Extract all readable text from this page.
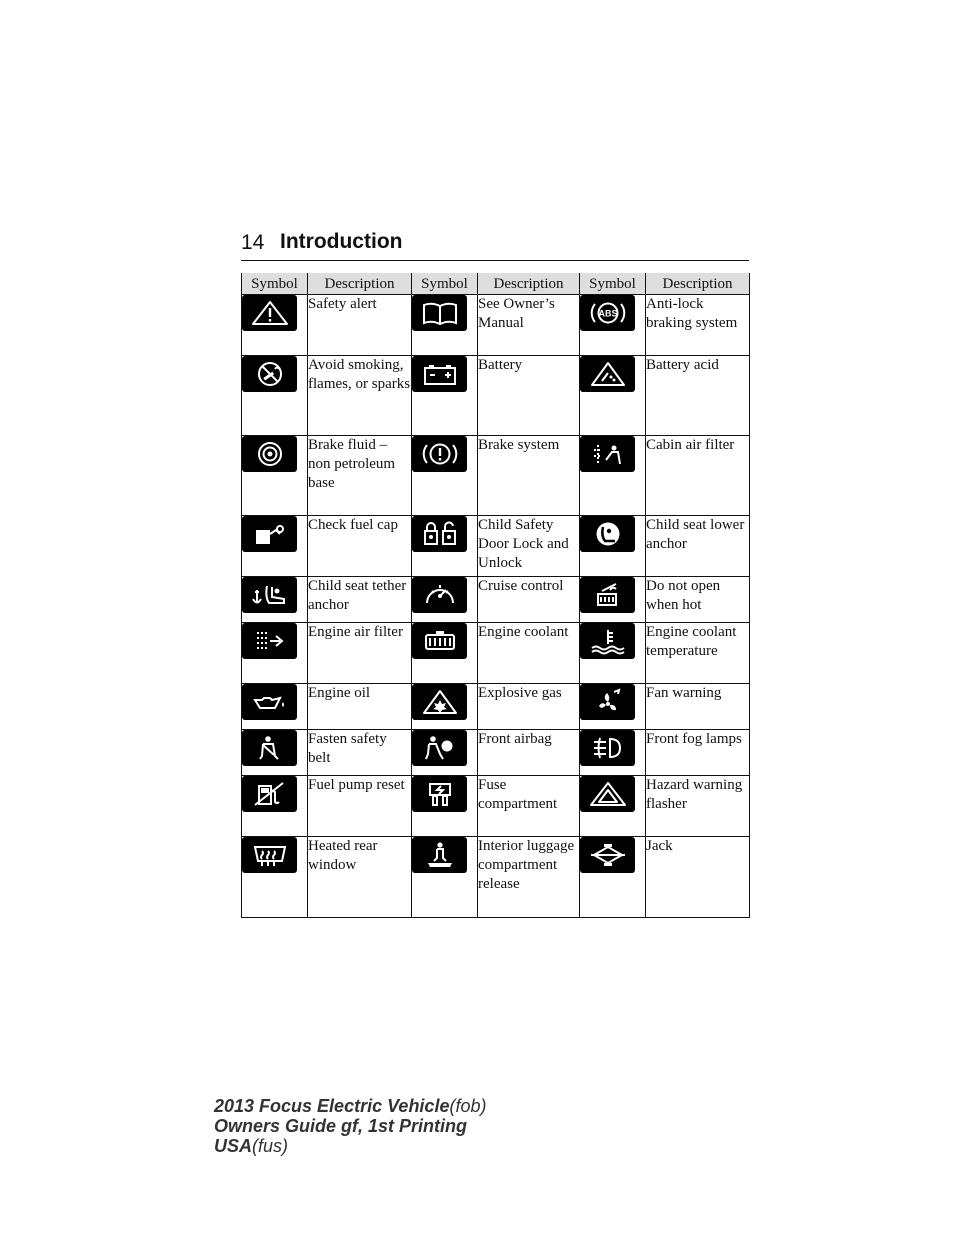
14 Introduction
Symbol	Description	Symbol	Description	Symbol	Description

	Safety alert		See Owner’s Manual	ABS	Anti-lock braking system

	Avoid smoking, flames, or sparks		Battery		Battery acid

	Brake fluid – non petroleum base		Brake system		Cabin air filter

	Check fuel cap		Child Safety Door Lock and Unlock		Child seat lower anchor

	Child seat tether anchor		Cruise control		Do not open when hot

	Engine air filter		Engine coolant		Engine coolant temperature

	Engine oil		Explosive gas		Fan warning

	Fasten safety belt		Front airbag		Front fog lamps

	Fuel pump reset		Fuse compartment		Hazard warning flasher

	Heated rear window		Interior luggage compartment release		Jack
2013 Focus Electric Vehicle(fob)
Owners Guide gf, 1st Printing
USA(fus)
